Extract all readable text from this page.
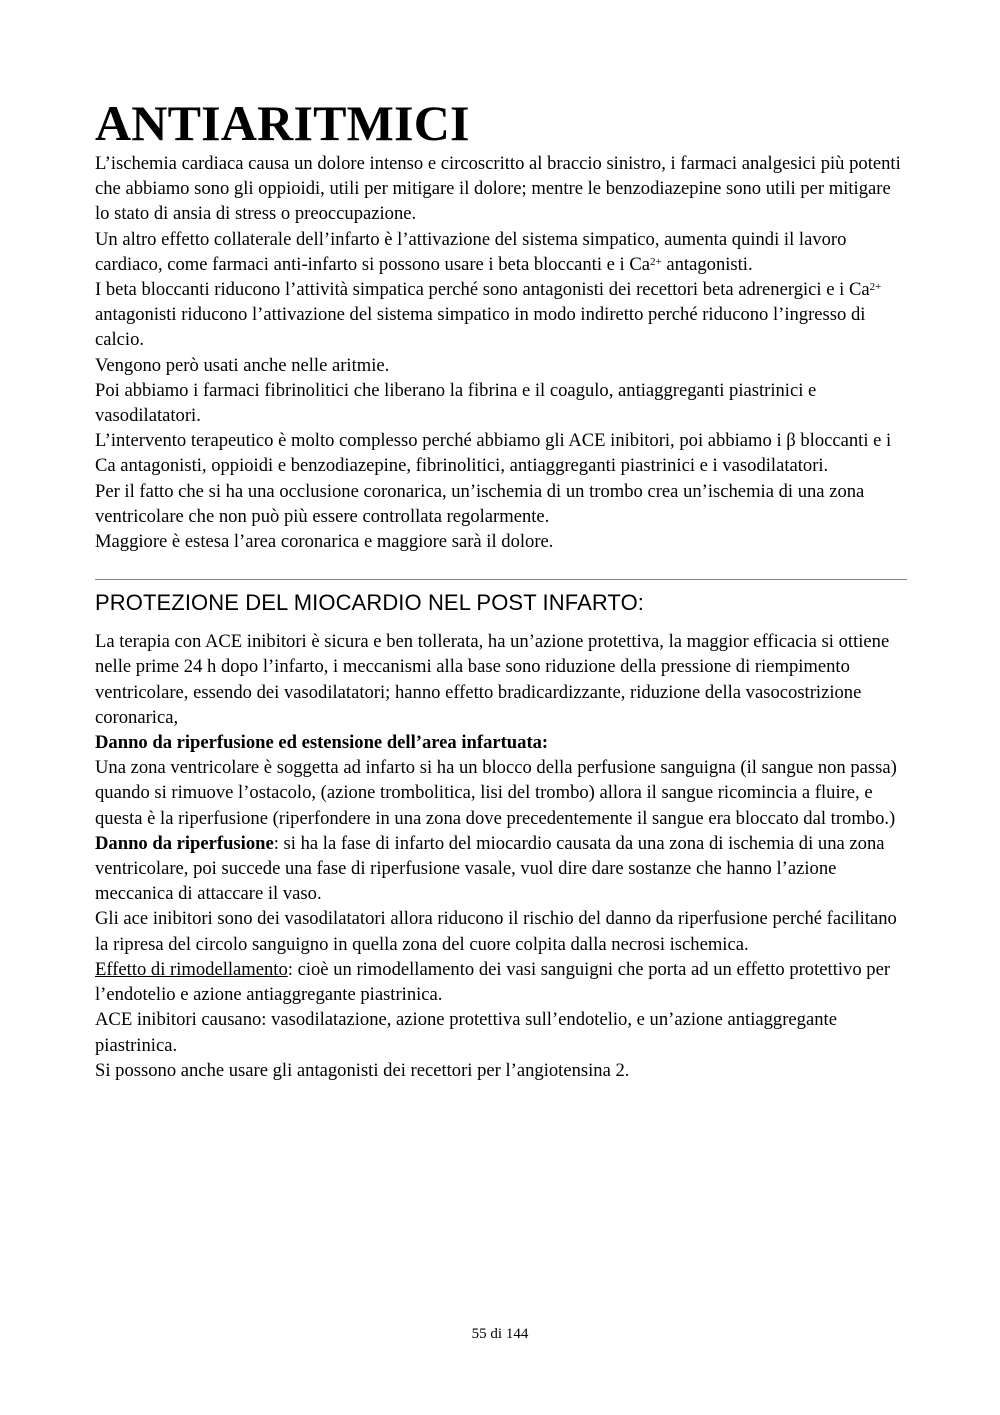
ANTIARITMICI

L’ischemia cardiaca causa un dolore intenso e circoscritto al braccio sinistro, i farmaci analgesici più potenti che abbiamo sono gli oppioidi, utili per mitigare il dolore; mentre le benzodiazepine sono utili per mitigare lo stato di ansia di stress o preoccupazione.

Un altro effetto collaterale dell’infarto è l’attivazione del sistema simpatico, aumenta quindi il lavoro cardiaco, come farmaci anti-infarto si possono usare i beta bloccanti e i $Ca^{2+}$ antagonisti.

I beta bloccanti riducono l’attività simpatica perché sono antagonisti dei recettori beta adrenergici e i $Ca^{2+}$ antagonisti riducono l’attivazione del sistema simpatico in modo indiretto perché riducono l’ingresso di calcio.

Vengono però usati anche nelle aritmie.

Poi abbiamo i farmaci fibrinolitici che liberano la fibrina e il coagulo, antiaggreganti piastrinici e vasodilatatori.

L’intervento terapeutico è molto complesso perché abbiamo gli ACE inibitori, poi abbiamo i β bloccanti e i Ca antagonisti, oppioidi e benzodiazepine, fibrinolitici, antiaggreganti piastrinici e i vasodilatatori.

Per il fatto che si ha una occlusione coronarica, un’ischemia di un trombo crea un’ischemia di una zona ventricolare che non può più essere controllata regolarmente.

Maggiore è estesa l’area coronarica e maggiore sarà il dolore.

PROTEZIONE DEL MIOCARDIO NEL POST INFARTO:

La terapia con ACE inibitori è sicura e ben tollerata, ha un’azione protettiva, la maggior efficacia si ottiene nelle prime 24 h dopo l’infarto, i meccanismi alla base sono riduzione della pressione di riempimento ventricolare, essendo dei vasodilatatori; hanno effetto bradicardizzante, riduzione della vasocostrizione coronarica,

Danno da riperfusione ed estensione dell’area infartuata:

Una zona ventricolare è soggetta ad infarto si ha un blocco della perfusione sanguigna (il sangue non passa) quando si rimuove l’ostacolo, (azione trombolitica, lisi del trombo) allora il sangue ricomincia a fluire, e questa è la riperfusione (riperfondere in una zona dove precedentemente il sangue era bloccato dal trombo.)

Danno da riperfusione: si ha la fase di infarto del miocardio causata da una zona di ischemia di una zona ventricolare, poi succede una fase di riperfusione vasale, vuol dire dare sostanze che hanno l’azione meccanica di attaccare il vaso.

Gli ace inibitori sono dei vasodilatatori allora riducono il rischio del danno da riperfusione perché facilitano la ripresa del circolo sanguigno in quella zona del cuore colpita dalla necrosi ischemica.

Effetto di rimodellamento: cioè un rimodellamento dei vasi sanguigni che porta ad un effetto protettivo per l’endotelio e azione antiaggregante piastrinica.

ACE inibitori causano: vasodilatazione, azione protettiva sull’endotelio, e un’azione antiaggregante piastrinica.

Si possono anche usare gli antagonisti dei recettori per l’angiotensina 2.

55 di 144
